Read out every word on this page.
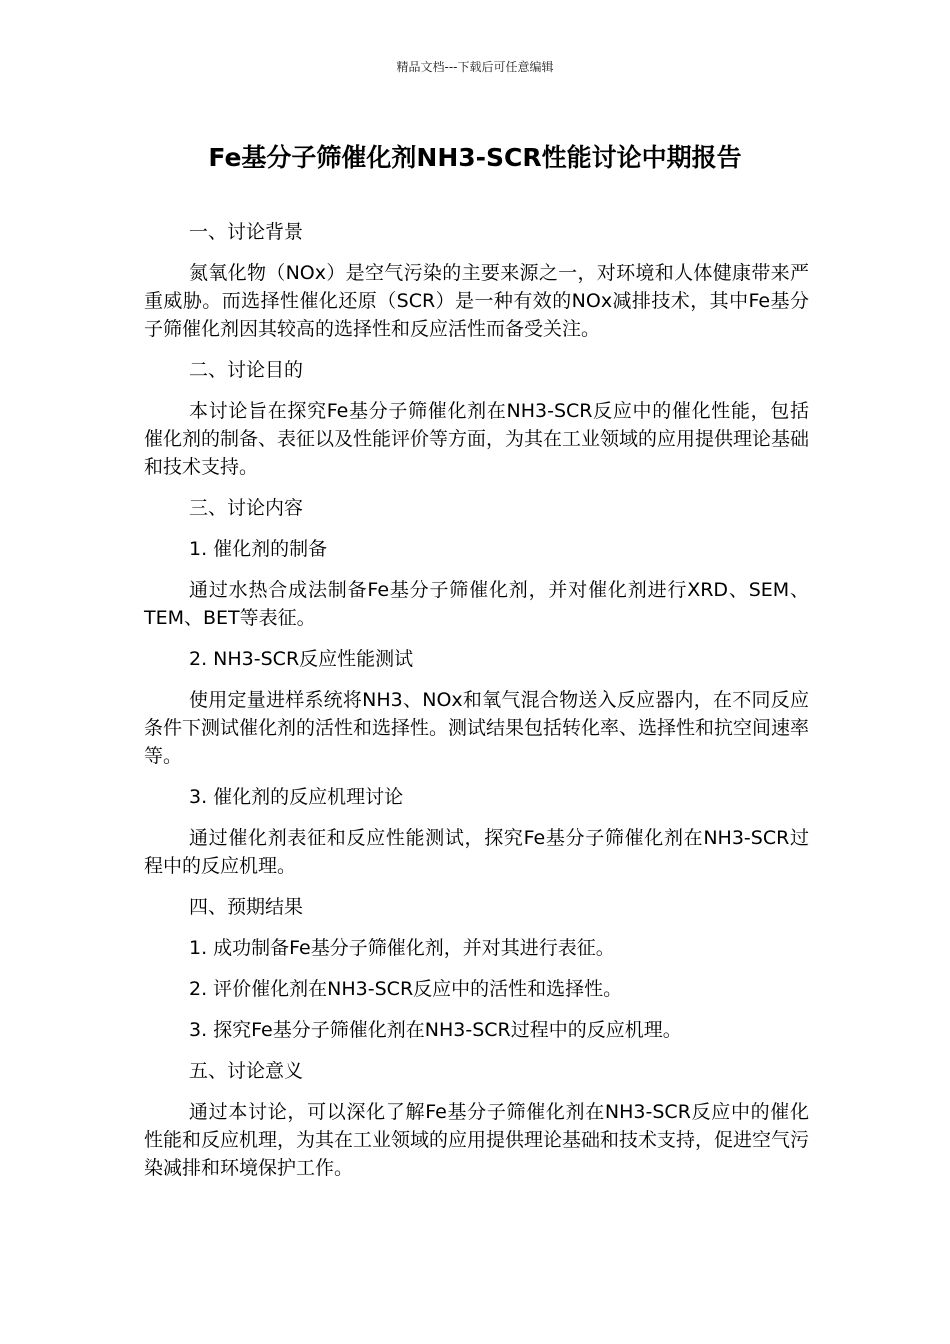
精品文档---下载后可任意编辑
Fe基分子筛催化剂NH3-SCR性能讨论中期报告

一、讨论背景

氮氧化物（NOx）是空气污染的主要来源之一，对环境和人体健康带来严重威胁。而选择性催化还原（SCR）是一种有效的NOx减排技术，其中Fe基分子筛催化剂因其较高的选择性和反应活性而备受关注。

二、讨论目的

本讨论旨在探究Fe基分子筛催化剂在NH3-SCR反应中的催化性能，包括催化剂的制备、表征以及性能评价等方面，为其在工业领域的应用提供理论基础和技术支持。

三、讨论内容

1. 催化剂的制备

通过水热合成法制备Fe基分子筛催化剂，并对催化剂进行XRD、SEM、TEM、BET等表征。

2. NH3-SCR反应性能测试

使用定量进样系统将NH3、NOx和氧气混合物送入反应器内，在不同反应条件下测试催化剂的活性和选择性。测试结果包括转化率、选择性和抗空间速率等。

3. 催化剂的反应机理讨论

通过催化剂表征和反应性能测试，探究Fe基分子筛催化剂在NH3-SCR过程中的反应机理。

四、预期结果

1. 成功制备Fe基分子筛催化剂，并对其进行表征。

2. 评价催化剂在NH3-SCR反应中的活性和选择性。

3. 探究Fe基分子筛催化剂在NH3-SCR过程中的反应机理。

五、讨论意义

通过本讨论，可以深化了解Fe基分子筛催化剂在NH3-SCR反应中的催化性能和反应机理，为其在工业领域的应用提供理论基础和技术支持，促进空气污染减排和环境保护工作。
